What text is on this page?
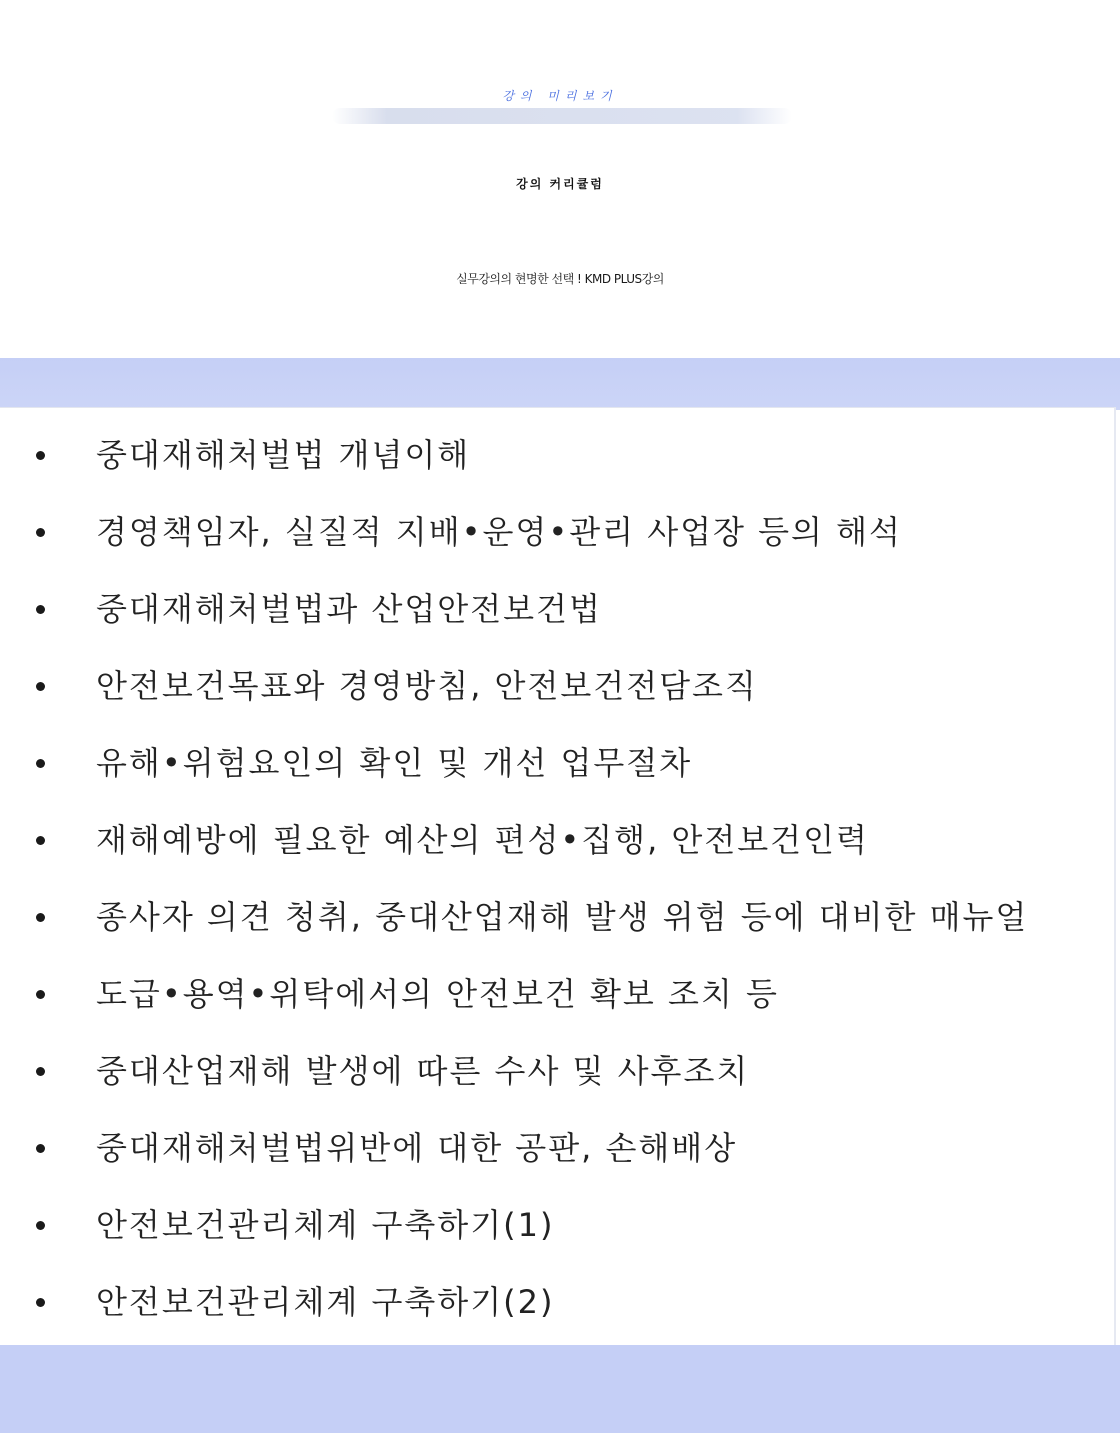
강의 미리보기
강의 커리큘럼
실무강의의 현명한 선택 ! KMD PLUS강의
중대재해처벌법 개념이해
경영책임자, 실질적 지배•운영•관리 사업장 등의 해석
중대재해처벌법과 산업안전보건법
안전보건목표와 경영방침, 안전보건전담조직
유해•위험요인의 확인 및 개선 업무절차
재해예방에 필요한 예산의 편성•집행, 안전보건인력
종사자 의견 청취, 중대산업재해 발생 위험 등에 대비한 매뉴얼
도급•용역•위탁에서의 안전보건 확보 조치 등
중대산업재해 발생에 따른 수사 및 사후조치
중대재해처벌법위반에 대한 공판, 손해배상
안전보건관리체계 구축하기(1)
안전보건관리체계 구축하기(2)
